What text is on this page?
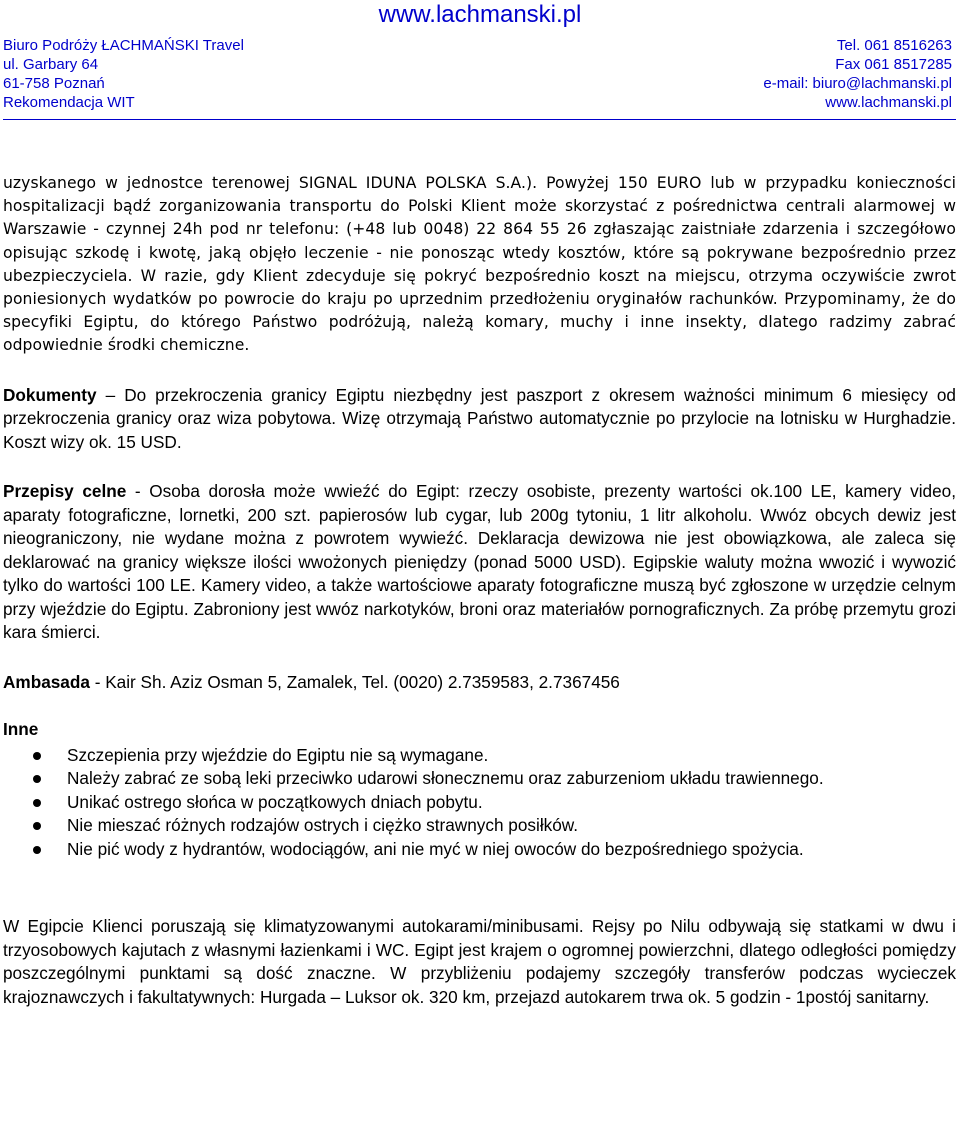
www.lachmanski.pl
Biuro Podróży ŁACHMAŃSKI Travel	Tel. 061 8516263
ul. Garbary 64	Fax 061 8517285
61-758 Poznań	e-mail: biuro@lachmanski.pl
Rekomendacja WIT	www.lachmanski.pl

uzyskanego w jednostce terenowej SIGNAL IDUNA POLSKA S.A.). Powyżej 150 EURO lub w przypadku konieczności hospitalizacji bądź zorganizowania transportu do Polski Klient może skorzystać z pośrednictwa centrali alarmowej w Warszawie - czynnej 24h pod nr telefonu: (+48 lub 0048) 22 864 55 26 zgłaszając zaistniałe zdarzenia i szczegółowo opisując szkodę i kwotę, jaką objęło leczenie - nie ponosząc wtedy kosztów, które są pokrywane bezpośrednio przez ubezpieczyciela. W razie, gdy Klient zdecyduje się pokryć bezpośrednio koszt na miejscu, otrzyma oczywiście zwrot poniesionych wydatków po powrocie do kraju po uprzednim przedłożeniu oryginałów rachunków. Przypominamy, że do specyfiki Egiptu, do którego Państwo podróżują, należą komary, muchy i inne insekty, dlatego radzimy zabrać odpowiednie środki chemiczne.

Dokumenty – Do przekroczenia granicy Egiptu niezbędny jest paszport z okresem ważności minimum 6 miesięcy od przekroczenia granicy oraz wiza pobytowa. Wizę otrzymają Państwo automatycznie po przylocie na lotnisku w Hurghadzie. Koszt wizy ok. 15 USD.

Przepisy celne - Osoba dorosła może wwieźć do Egipt: rzeczy osobiste, prezenty wartości ok.100 LE, kamery video, aparaty fotograficzne, lornetki, 200 szt. papierosów lub cygar, lub 200g tytoniu, 1 litr alkoholu. Wwóz obcych dewiz jest nieograniczony, nie wydane można z powrotem wywieźć. Deklaracja dewizowa nie jest obowiązkowa, ale zaleca się deklarować na granicy większe ilości wwożonych pieniędzy (ponad 5000 USD). Egipskie waluty można wwozić i wywozić tylko do wartości 100 LE. Kamery video, a także wartościowe aparaty fotograficzne muszą być zgłoszone w urzędzie celnym przy wjeździe do Egiptu. Zabroniony jest wwóz narkotyków, broni oraz materiałów pornograficznych. Za próbę przemytu grozi kara śmierci.

Ambasada - Kair Sh. Aziz Osman 5, Zamalek, Tel. (0020) 2.7359583, 2.7367456

Inne

Szczepienia przy wjeździe do Egiptu nie są wymagane.
Należy zabrać ze sobą leki przeciwko udarowi słonecznemu oraz zaburzeniom układu trawiennego.
Unikać ostrego słońca w początkowych dniach pobytu.
Nie mieszać różnych rodzajów ostrych i ciężko strawnych posiłków.
Nie pić wody z hydrantów, wodociągów, ani nie myć w niej owoców do bezpośredniego spożycia.

W Egipcie Klienci poruszają się klimatyzowanymi autokarami/minibusami. Rejsy po Nilu odbywają się statkami w dwu i trzyosobowych kajutach z własnymi łazienkami i WC. Egipt jest krajem o ogromnej powierzchni, dlatego odległości pomiędzy poszczególnymi punktami są dość znaczne. W przybliżeniu podajemy szczegóły transferów podczas wycieczek krajoznawczych i fakultatywnych: Hurgada – Luksor ok. 320 km, przejazd autokarem trwa ok. 5 godzin - 1postój sanitarny.
